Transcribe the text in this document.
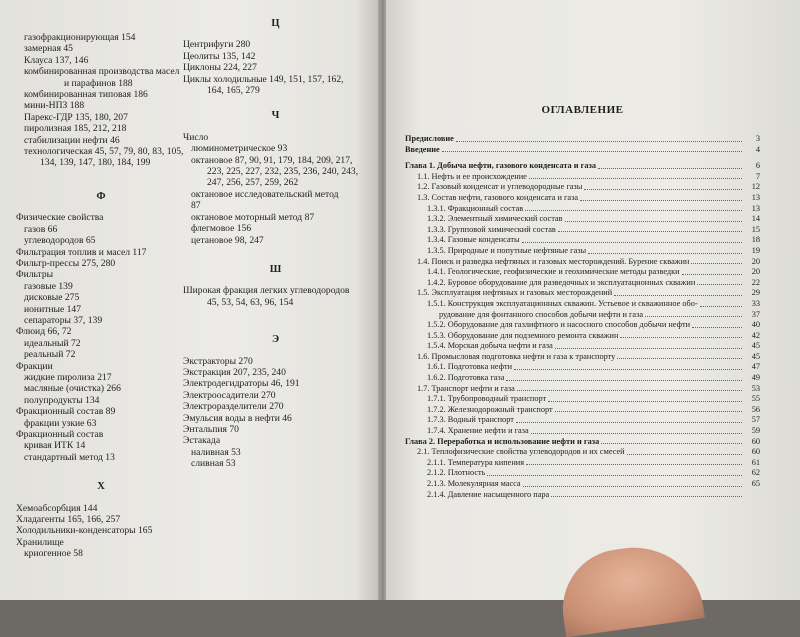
газофракционирующая 154
замерная 45
Клауса 137, 146
комбинированная производства масел
и парафинов 188
комбинированная типовая 186
мини-НПЗ 188
Парекс-ГДР 135, 180, 207
пиролизная 185, 212, 218
стабилизации нефти 46
технологическая 45, 57, 79, 80, 83, 105,
134, 139, 147, 180, 184, 199
Ф
Физические свойства
газов 66
углеводородов 65
Фильтрация топлив и масел 117
Фильтр-прессы 275, 280
Фильтры
газовые 139
дисковые 275
ионитные 147
сепараторы 37, 139
Флюид 66, 72
идеальный 72
реальный 72
Фракции
жидкие пиролиза 217
масляные (очистка) 266
полупродукты 134
Фракционный состав 89
фракции узкие 63
Фракционный состав
кривая ИТК 14
стандартный метод 13
Х
Хемоабсорбция 144
Хладагенты 165, 166, 257
Холодильники-конденсаторы 165
Хранилище
криогенное 58
Ц
Центрифуги 280
Цеолиты 135, 142
Циклоны 224, 227
Циклы холодильные 149, 151, 157, 162,
164, 165, 279
Ч
Число
люминометрическое 93
октановое 87, 90, 91, 179, 184, 209, 217,
223, 225, 227, 232, 235, 236, 240, 243,
247, 256, 257, 259, 262
октановое исследовательский метод
87
октановое моторный метод 87
флегмовое 156
цетановое 98, 247
Ш
Широкая фракция легких углеводородов
45, 53, 54, 63, 96, 154
Э
Экстракторы 270
Экстракция 207, 235, 240
Электродегидраторы 46, 191
Электроосадители 270
Электроразделители 270
Эмульсия воды в нефти 46
Энтальпия 70
Эстакада
наливная 53
сливная 53
ОГЛАВЛЕНИЕ
Предисловие	3
Введение	4
Глава 1. Добыча нефти, газового конденсата и газа	6
1.1. Нефть и ее происхождение	7
1.2. Газовый конденсат и углеводородные газы	12
1.3. Состав нефти, газового конденсата и газа	13
1.3.1. Фракционный состав	13
1.3.2. Элементный химический состав	14
1.3.3. Групповой химический состав	15
1.3.4. Газовые конденсаты	18
1.3.5. Природные и попутные нефтяные газы	19
1.4. Поиск и разведка нефтяных и газовых месторождений. Бурение скважин	20
1.4.1. Геологические, геофизические и геохимические методы разведки	20
1.4.2. Буровое оборудование для разведочных и эксплуатационных скважин	22
1.5. Эксплуатация нефтяных и газовых месторождений	29
1.5.1. Конструкция эксплуатационных скважин. Устьевое и скважинное обо-	33
рудование для фонтанного способов добычи нефти и газа	37
1.5.2. Оборудование для газлифтного и насосного способов добычи нефти	40
1.5.3. Оборудование для подземного ремонта скважин	42
1.5.4. Морская добыча нефти и газа	45
1.6. Промысловая подготовка нефти и газа к транспорту	45
1.6.1. Подготовка нефти	47
1.6.2. Подготовка газа	49
1.7. Транспорт нефти и газа	53
1.7.1. Трубопроводный транспорт	55
1.7.2. Железнодорожный транспорт	56
1.7.3. Водный транспорт	57
1.7.4. Хранение нефти и газа	59
Глава 2. Переработка и использование нефти и газа	60
2.1. Теплофизические свойства углеводородов и их смесей	60
2.1.1. Температура кипения	61
2.1.2. Плотность	62
2.1.3. Молекулярная масса	65
2.1.4. Давление насыщенного пара
